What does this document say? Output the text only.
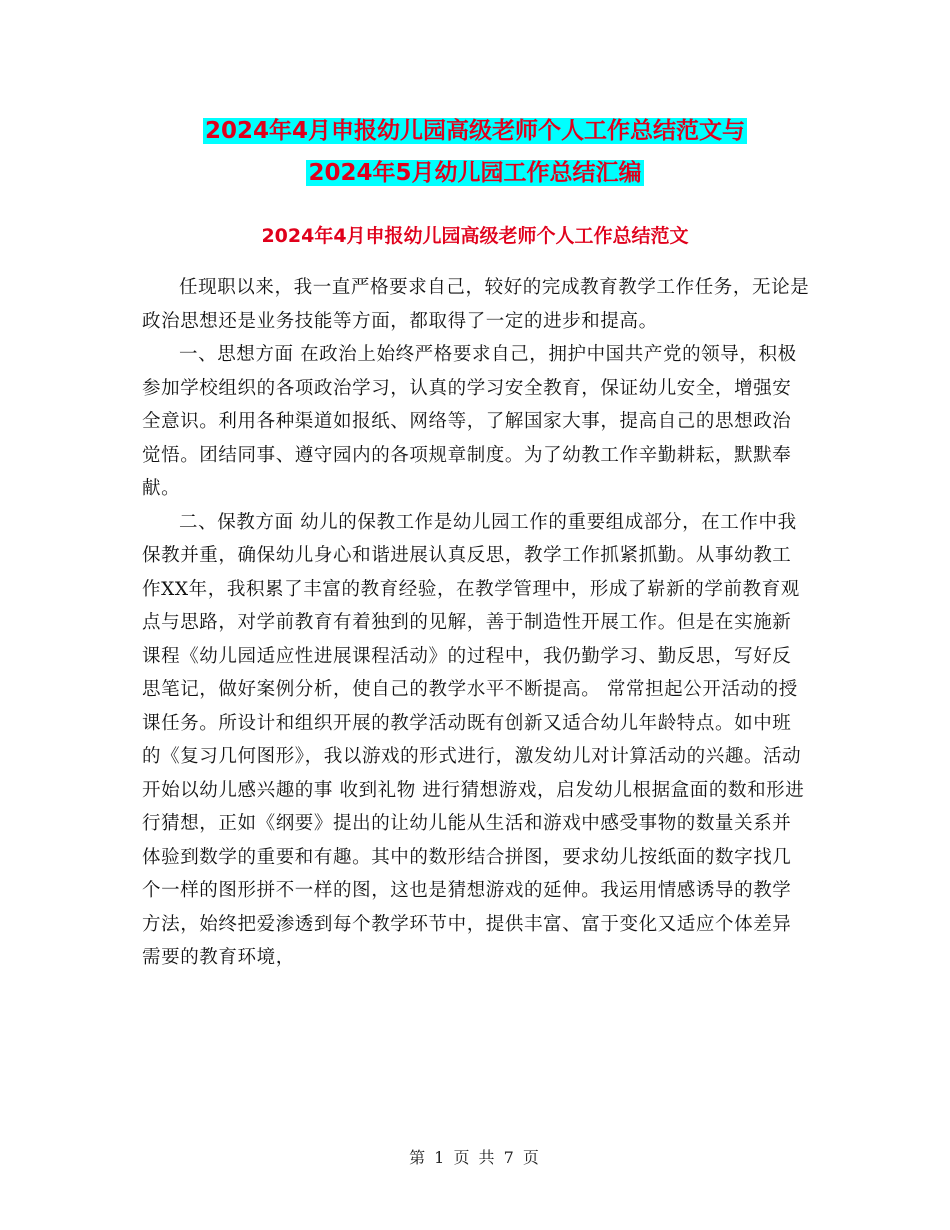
2024年4月申报幼儿园高级老师个人工作总结范文与
2024年5月幼儿园工作总结汇编
2024年4月申报幼儿园高级老师个人工作总结范文

任现职以来，我一直严格要求自己，较好的完成教育教学工作任务，无论是政治思想还是业务技能等方面，都取得了一定的进步和提高。

一、思想方面 在政治上始终严格要求自己，拥护中国共产党的领导，积极参加学校组织的各项政治学习，认真的学习安全教育，保证幼儿安全，增强安全意识。利用各种渠道如报纸、网络等，了解国家大事，提高自己的思想政治觉悟。团结同事、遵守园内的各项规章制度。为了幼教工作辛勤耕耘，默默奉献。

二、保教方面 幼儿的保教工作是幼儿园工作的重要组成部分，在工作中我保教并重，确保幼儿身心和谐进展认真反思，教学工作抓紧抓勤。从事幼教工作XX年，我积累了丰富的教育经验，在教学管理中，形成了崭新的学前教育观点与思路，对学前教育有着独到的见解，善于制造性开展工作。但是在实施新课程《幼儿园适应性进展课程活动》的过程中，我仍勤学习、勤反思，写好反思笔记，做好案例分析，使自己的教学水平不断提高。 常常担起公开活动的授课任务。所设计和组织开展的教学活动既有创新又适合幼儿年龄特点。如中班的《复习几何图形》，我以游戏的形式进行，激发幼儿对计算活动的兴趣。活动开始以幼儿感兴趣的事 收到礼物 进行猜想游戏，启发幼儿根据盒面的数和形进行猜想，正如《纲要》提出的让幼儿能从生活和游戏中感受事物的数量关系并体验到数学的重要和有趣。其中的数形结合拼图，要求幼儿按纸面的数字找几个一样的图形拼不一样的图，这也是猜想游戏的延伸。我运用情感诱导的教学方法，始终把爱渗透到每个教学环节中，提供丰富、富于变化又适应个体差异需要的教育环境，

第 1 页 共 7 页
